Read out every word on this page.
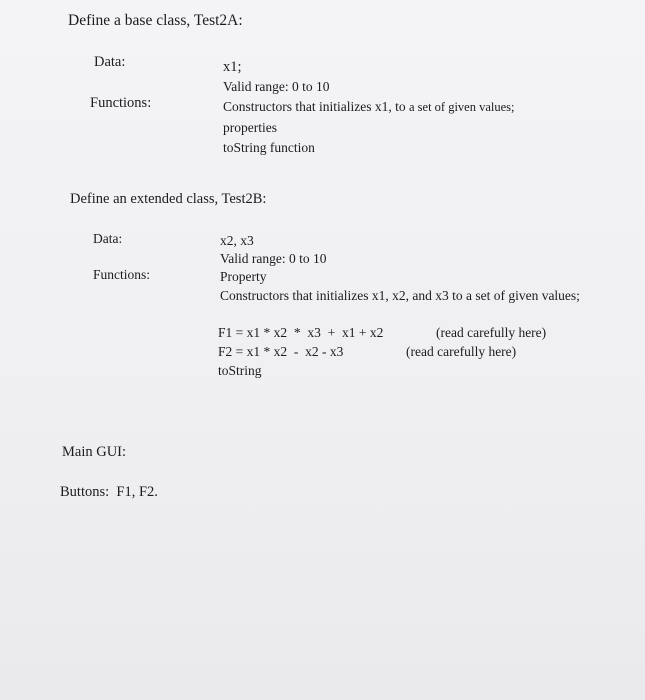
Define a base class, Test2A:
Data:	x1;
Valid range: 0 to 10
Functions:	Constructors that initializes x1, to a set of given values;
properties
toString function
Define an extended class, Test2B:
Data:	x2, x3
Valid range: 0 to 10
Functions:	Property
Constructors that initializes x1, x2, and x3 to a set of given values;
F1 = x1 * x2  *  x3  +  x1 + x2	(read carefully here)
F2 = x1 * x2  -  x2 - x3	(read carefully here)
toString
Main GUI:
Buttons:  F1, F2.
